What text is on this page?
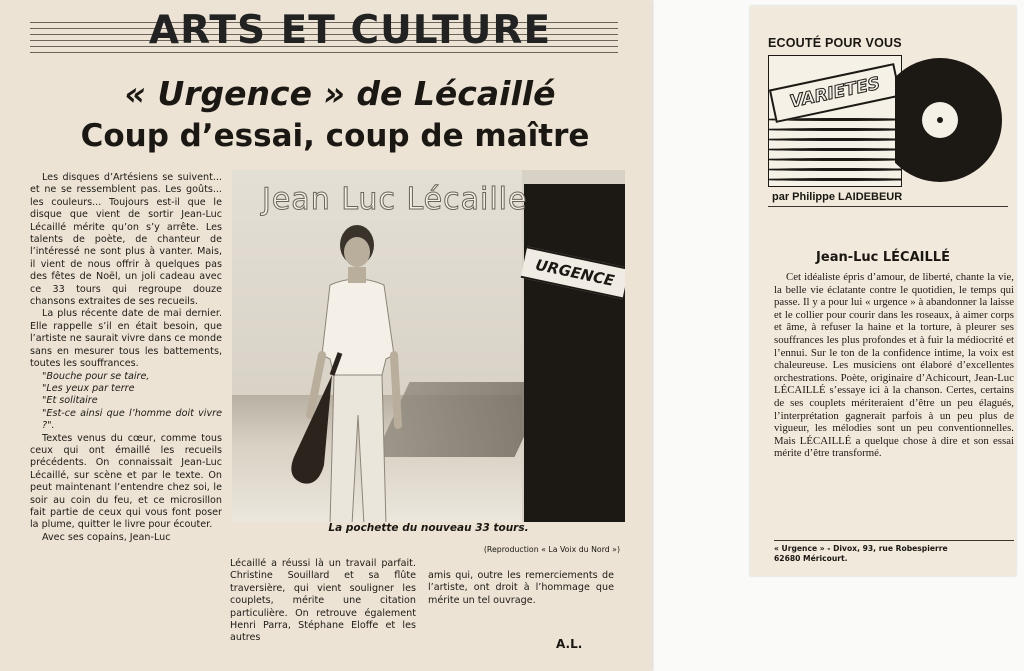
ARTS ET CULTURE
« Urgence » de Lécaillé
Coup d’essai, coup de maître

Les disques d’Artésiens se suivent... et ne se ressemblent pas. Les goûts... les couleurs... Toujours est-il que le disque que vient de sortir Jean-Luc Lécaillé mérite qu’on s’y arrête. Les talents de poète, de chanteur de l’intéressé ne sont plus à vanter. Mais, il vient de nous offrir à quelques pas des fêtes de Noël, un joli cadeau avec ce 33 tours qui regroupe douze chansons extraites de ses recueils.

La plus récente date de mai dernier. Elle rappelle s’il en était besoin, que l’artiste ne saurait vivre dans ce monde sans en mesurer tous les battements, toutes les souffrances.

"Bouche pour se taire,

"Les yeux par terre

"Et solitaire

"Est-ce ainsi que l’homme doit vivre ?".

Textes venus du cœur, comme tous ceux qui ont émaillé les recueils précédents. On connaissait Jean-Luc Lécaillé, sur scène et par le texte. On peut maintenant l’entendre chez soi, le soir au coin du feu, et ce microsillon fait partie de ceux qui vous font poser la plume, quitter le livre pour écouter.

Avec ses copains, Jean-Luc

Jean Luc Lécaille
URGENCE
La pochette du nouveau 33 tours.
(Reproduction « La Voix du Nord »)

Lécaillé a réussi là un travail parfait. Christine Souillard et sa flûte traversière, qui vient souligner les couplets, mérite une citation particulière. On retrouve également Henri Parra, Stéphane Eloffe et les autres

amis qui, outre les remerciements de l’artiste, ont droit à l’hommage que mérite un tel ouvrage.

A.L.
ECOUTÉ POUR VOUS
VARIETES
par Philippe LAIDEBEUR
Jean-Luc LÉCAILLÉ

Cet idéaliste épris d’amour, de liberté, chante la vie, la belle vie éclatante contre le quotidien, le temps qui passe. Il y a pour lui « urgence » à abandonner la laisse et le collier pour courir dans les roseaux, à aimer corps et âme, à refuser la haine et la torture, à pleurer ses souffrances les plus profondes et à fuir la médiocrité et l’ennui. Sur le ton de la confidence intime, la voix est chaleureuse. Les musiciens ont élaboré d’excellentes orchestrations. Poète, originaire d’Achicourt, Jean-Luc LÉCAILLÉ s’essaye ici à la chanson. Certes, certains de ses couplets mériteraient d’être un peu élagués, l’interprétation gagnerait parfois à un peu plus de vigueur, les mélodies sont un peu conventionnelles. Mais LÉCAILLÉ a quelque chose à dire et son essai mérite d’être transformé.

« Urgence » - Divox, 93, rue Robespierre
62680 Méricourt.
